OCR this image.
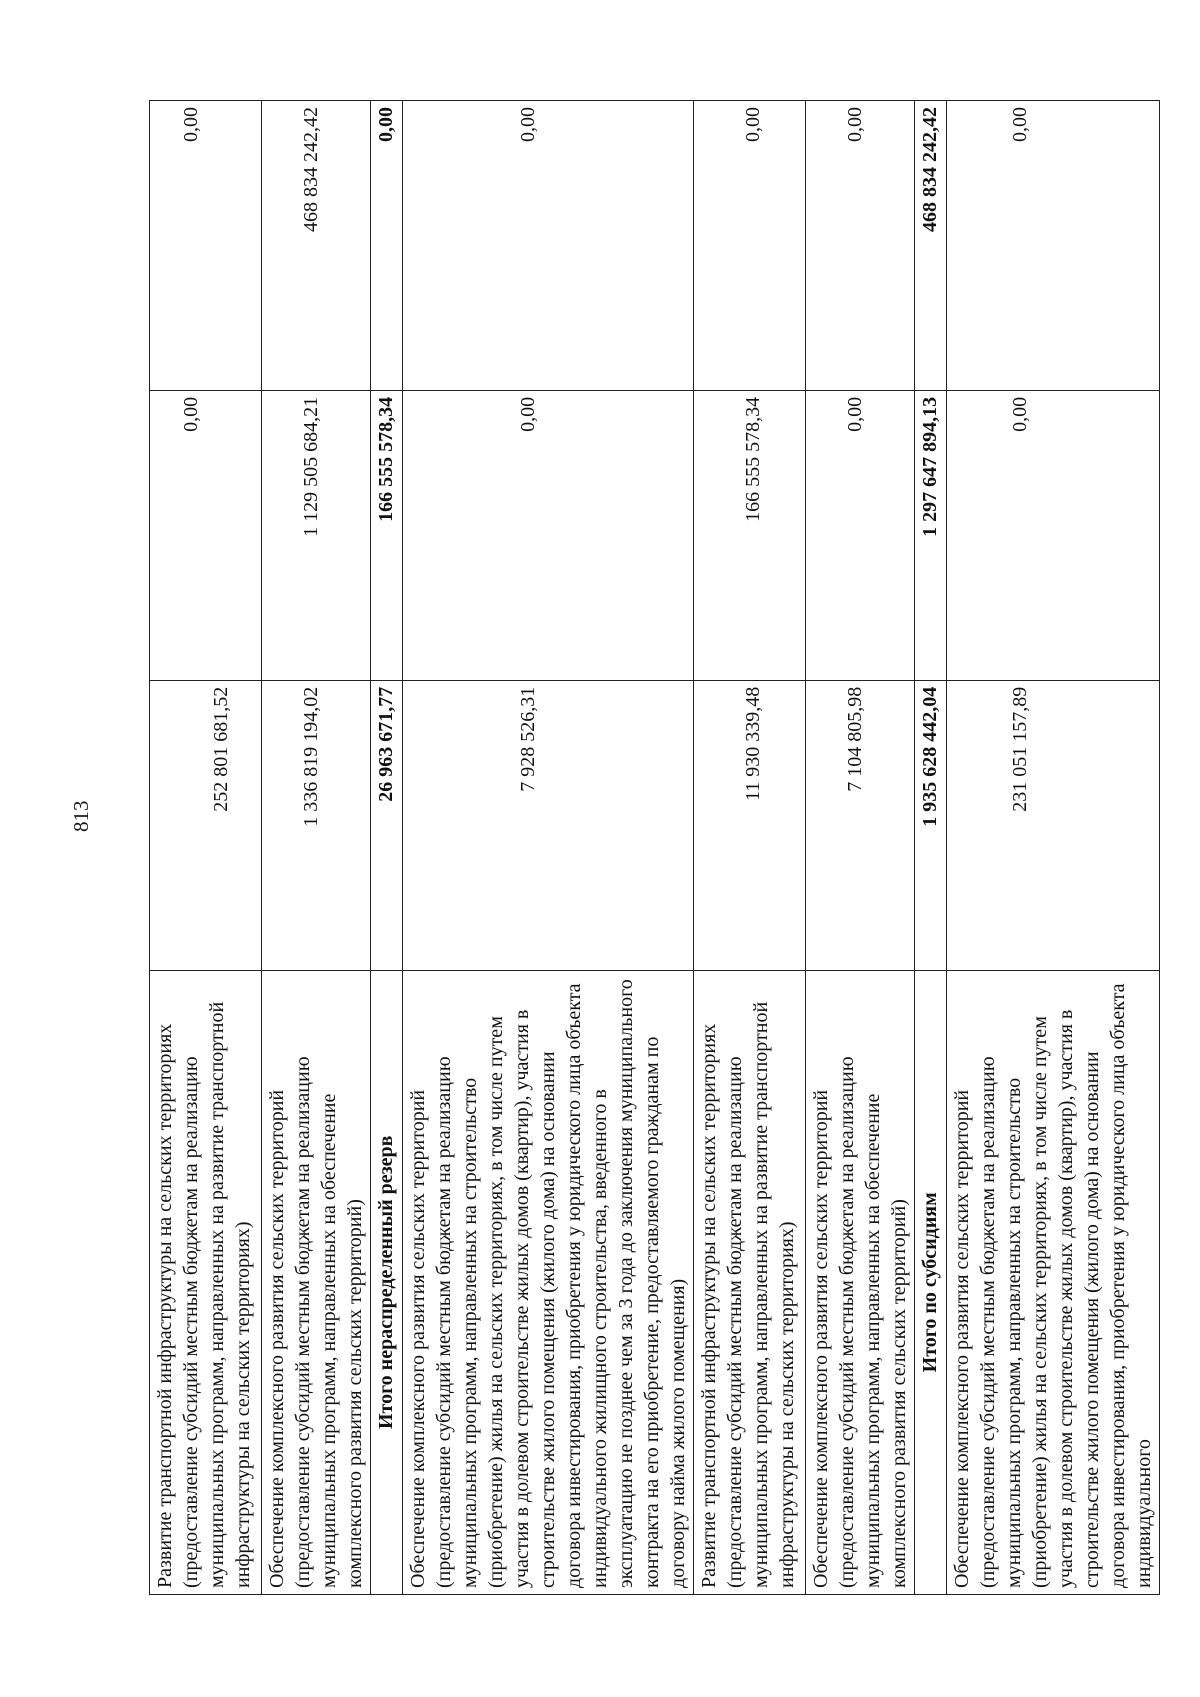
813
Развитие транспортной инфраструктуры на сельских территориях (предоставление субсидий местным бюджетам на реализацию муниципальных программ, направленных на развитие транспортной инфраструктуры на сельских территориях)	252 801 681,52	0,00	0,00
Обеспечение комплексного развития сельских территорий (предоставление субсидий местным бюджетам на реализацию муниципальных программ, направленных на обеспечение комплексного развития сельских территорий)	1 336 819 194,02	1 129 505 684,21	468 834 242,42
Итого нераспределенный резерв	26 963 671,77	166 555 578,34	0,00
Обеспечение комплексного развития сельских территорий (предоставление субсидий местным бюджетам на реализацию муниципальных программ, направленных на строительство (приобретение) жилья на сельских территориях, в том числе путем участия в долевом строительстве жилых домов (квартир), участия в строительстве жилого помещения (жилого дома) на основании договора инвестирования, приобретения у юридического лица объекта индивидуального жилищного строительства, введенного в эксплуатацию не позднее чем за 3 года до заключения муниципального контракта на его приобретение, предоставляемого гражданам по договору найма жилого помещения)	7 928 526,31	0,00	0,00
Развитие транспортной инфраструктуры на сельских территориях (предоставление субсидий местным бюджетам на реализацию муниципальных программ, направленных на развитие транспортной инфраструктуры на сельских территориях)	11 930 339,48	166 555 578,34	0,00
Обеспечение комплексного развития сельских территорий (предоставление субсидий местным бюджетам на реализацию муниципальных программ, направленных на обеспечение комплексного развития сельских территорий)	7 104 805,98	0,00	0,00
Итого по субсидиям	1 935 628 442,04	1 297 647 894,13	468 834 242,42
Обеспечение комплексного развития сельских территорий (предоставление субсидий местным бюджетам на реализацию муниципальных программ, направленных на строительство (приобретение) жилья на сельских территориях, в том числе путем участия в долевом строительстве жилых домов (квартир), участия в строительстве жилого помещения (жилого дома) на основании договора инвестирования, приобретения у юридического лица объекта индивидуального	231 051 157,89	0,00	0,00
